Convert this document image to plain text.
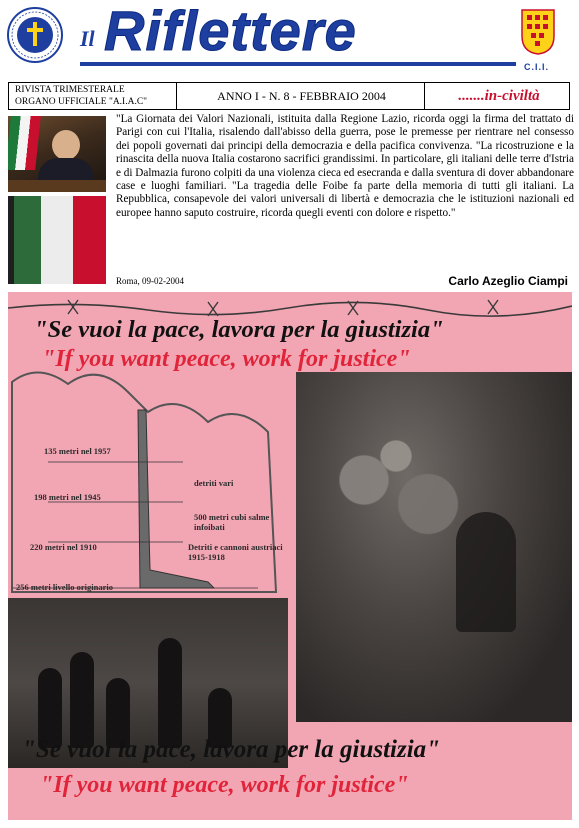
Il Riflettere
C.I.I.
RIVISTA TRIMESTERALE
ORGANO UFFICIALE "A.I.A.C"	ANNO I - N. 8 - FEBBRAIO 2004	.......in-civiltà

"La Giornata dei Valori Nazionali, istituita dalla Regione Lazio, ricorda oggi la firma del trattato di Parigi con cui l'Italia, risalendo dall'abisso della guerra, pose le premesse per rientrare nel consesso dei popoli governati dai principi della democrazia e della pacifica convivenza. "La ricostruzione e la rinascita della nuova Italia costarono sacrifici grandissimi. In particolare, gli italiani delle terre d'Istria e di Dalmazia furono colpiti da una violenza cieca ed esecranda e dalla sventura di dover abbandonare case e luoghi familiari. "La tragedia delle Foibe fa parte della memoria di tutti gli italiani. La Repubblica, consapevole dei valori universali di libertà e democrazia che le istituzioni nazionali ed europee hanno saputo costruire, ricorda quegli eventi con dolore e rispetto."

Roma, 09-02-2004	Carlo Azeglio Ciampi
135 metri nel 1957
198 metri nel 1945
220 metri nel 1910
256 metri livello originario
detriti vari
500 metri cubi salme infoibati
Detriti e cannoni austriaci 1915-1918
"Se vuoi la pace, lavora per la giustizia"
"If you want peace, work for justice"
"Se vuoi la pace, lavora per la giustizia"
"If you want peace, work for justice"
